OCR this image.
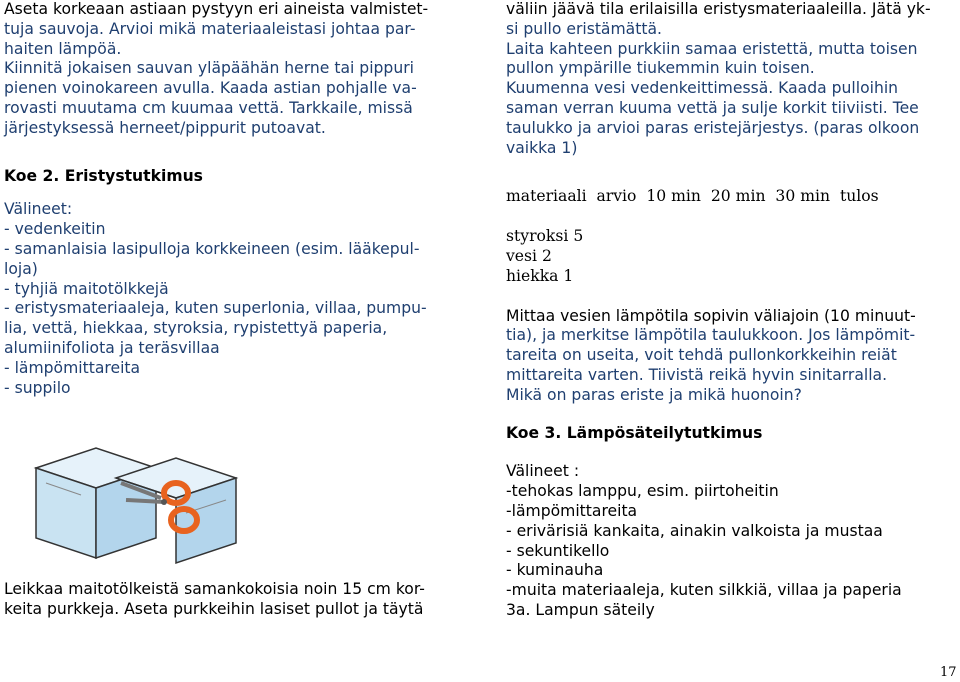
Aseta korkeaan astiaan pystyyn eri aineista valmistet-
tuja sauvoja. Arvioi mikä materiaaleistasi johtaa par-
haiten lämpöä.
Kiinnitä jokaisen sauvan yläpäähän herne tai pippuri
pienen voinokareen avulla. Kaada astian pohjalle va-
rovasti muutama cm kuumaa vettä. Tarkkaile, missä
järjestyksessä herneet/pippurit putoavat.
Koe 2. Eristystutkimus
Välineet:
- vedenkeitin
- samanlaisia lasipulloja korkkeineen (esim. lääkepul-
loja)
- tyhjiä maitotölkkejä
- eristysmateriaaleja, kuten superlonia, villaa, pumpu-
lia, vettä, hiekkaa, styroksia, rypistettyä paperia,
alumiinifoliota ja teräsvillaa
- lämpömittareita
- suppilo
Leikkaa maitotölkeistä samankokoisia noin 15 cm kor-
keita purkkeja. Aseta purkkeihin lasiset pullot ja täytä
väliin jäävä tila erilaisilla eristysmateriaaleilla. Jätä yk-
si pullo eristämättä.
Laita kahteen purkkiin samaa eristettä, mutta toisen
pullon ympärille tiukemmin kuin toisen.
Kuumenna vesi vedenkeittimessä. Kaada pulloihin
saman verran kuuma vettä ja sulje korkit tiiviisti. Tee
taulukko ja arvioi paras eristejärjestys. (paras olkoon
vaikka 1)
materiaali  arvio  10 min  20 min  30 min  tulos
styroksi 5
vesi 2
hiekka 1
Mittaa vesien lämpötila sopivin väliajoin (10 minuut-
tia), ja merkitse lämpötila taulukkoon. Jos lämpömit-
tareita on useita, voit tehdä pullonkorkkeihin reiät
mittareita varten. Tiivistä reikä hyvin sinitarralla.
Mikä on paras eriste ja mikä huonoin?
Koe 3. Lämpösäteilytutkimus
Välineet :
-tehokas lamppu, esim. piirtoheitin
-lämpömittareita
- erivärisiä kankaita, ainakin valkoista ja mustaa
- sekuntikello
- kuminauha
-muita materiaaleja, kuten silkkiä, villaa ja paperia
3a. Lampun säteily
17
